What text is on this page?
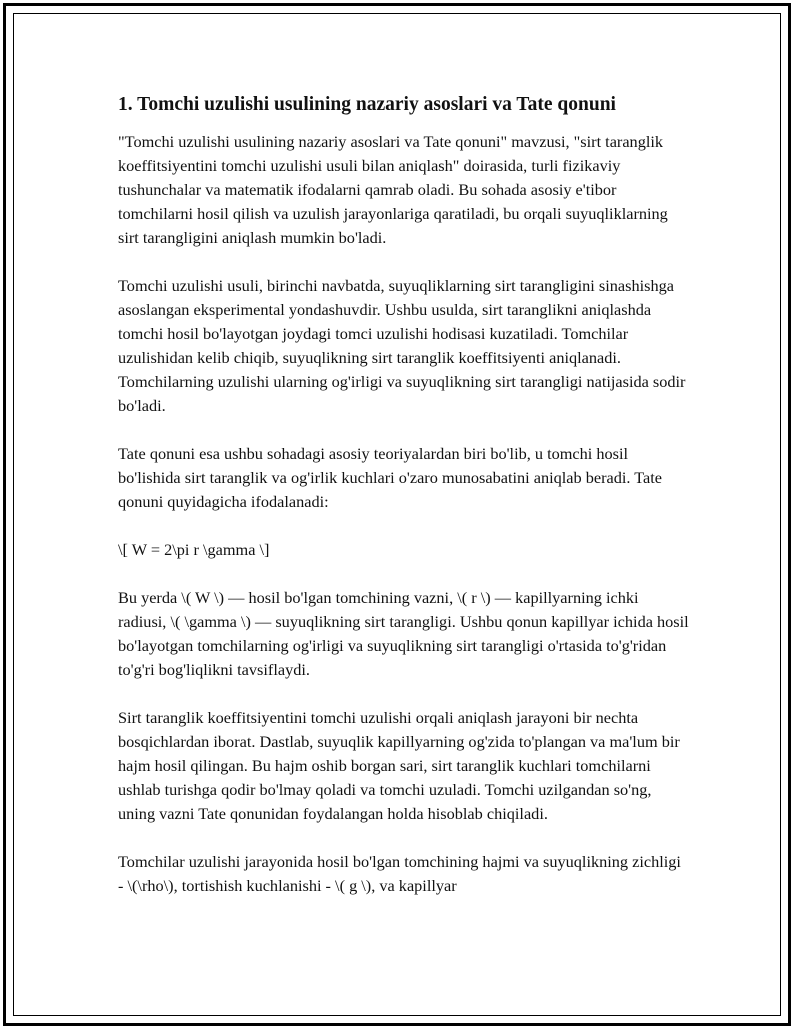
1. Tomchi uzulishi usulining nazariy asoslari va Tate qonuni

"Tomchi uzulishi usulining nazariy asoslari va Tate qonuni" mavzusi, "sirt taranglik koeffitsiyentini tomchi uzulishi usuli bilan aniqlash" doirasida, turli fizikaviy tushunchalar va matematik ifodalarni qamrab oladi. Bu sohada asosiy e'tibor tomchilarni hosil qilish va uzulish jarayonlariga qaratiladi, bu orqali suyuqliklarning sirt tarangligini aniqlash mumkin bo'ladi.

Tomchi uzulishi usuli, birinchi navbatda, suyuqliklarning sirt tarangligini sinashishga asoslangan eksperimental yondashuvdir. Ushbu usulda, sirt taranglikni aniqlashda tomchi hosil bo'layotgan joydagi tomci uzulishi hodisasi kuzatiladi. Tomchilar uzulishidan kelib chiqib, suyuqlikning sirt taranglik koeffitsiyenti aniqlanadi. Tomchilarning uzulishi ularning og'irligi va suyuqlikning sirt tarangligi natijasida sodir bo'ladi.

Tate qonuni esa ushbu sohadagi asosiy teoriyalardan biri bo'lib, u tomchi hosil bo'lishida sirt taranglik va og'irlik kuchlari o'zaro munosabatini aniqlab beradi. Tate qonuni quyidagicha ifodalanadi:

\[ W = 2\pi r \gamma \]

Bu yerda \( W \) — hosil bo'lgan tomchining vazni, \( r \) — kapillyarning ichki radiusi, \( \gamma \) — suyuqlikning sirt tarangligi. Ushbu qonun kapillyar ichida hosil bo'layotgan tomchilarning og'irligi va suyuqlikning sirt tarangligi o'rtasida to'g'ridan to'g'ri bog'liqlikni tavsiflaydi.

Sirt taranglik koeffitsiyentini tomchi uzulishi orqali aniqlash jarayoni bir nechta bosqichlardan iborat. Dastlab, suyuqlik kapillyarning og'zida to'plangan va ma'lum bir hajm hosil qilingan. Bu hajm oshib borgan sari, sirt taranglik kuchlari tomchilarni ushlab turishga qodir bo'lmay qoladi va tomchi uzuladi. Tomchi uzilgandan so'ng, uning vazni Tate qonunidan foydalangan holda hisoblab chiqiladi.

Tomchilar uzulishi jarayonida hosil bo'lgan tomchining hajmi va suyuqlikning zichligi - \(\rho\), tortishish kuchlanishi - \( g \), va kapillyar
